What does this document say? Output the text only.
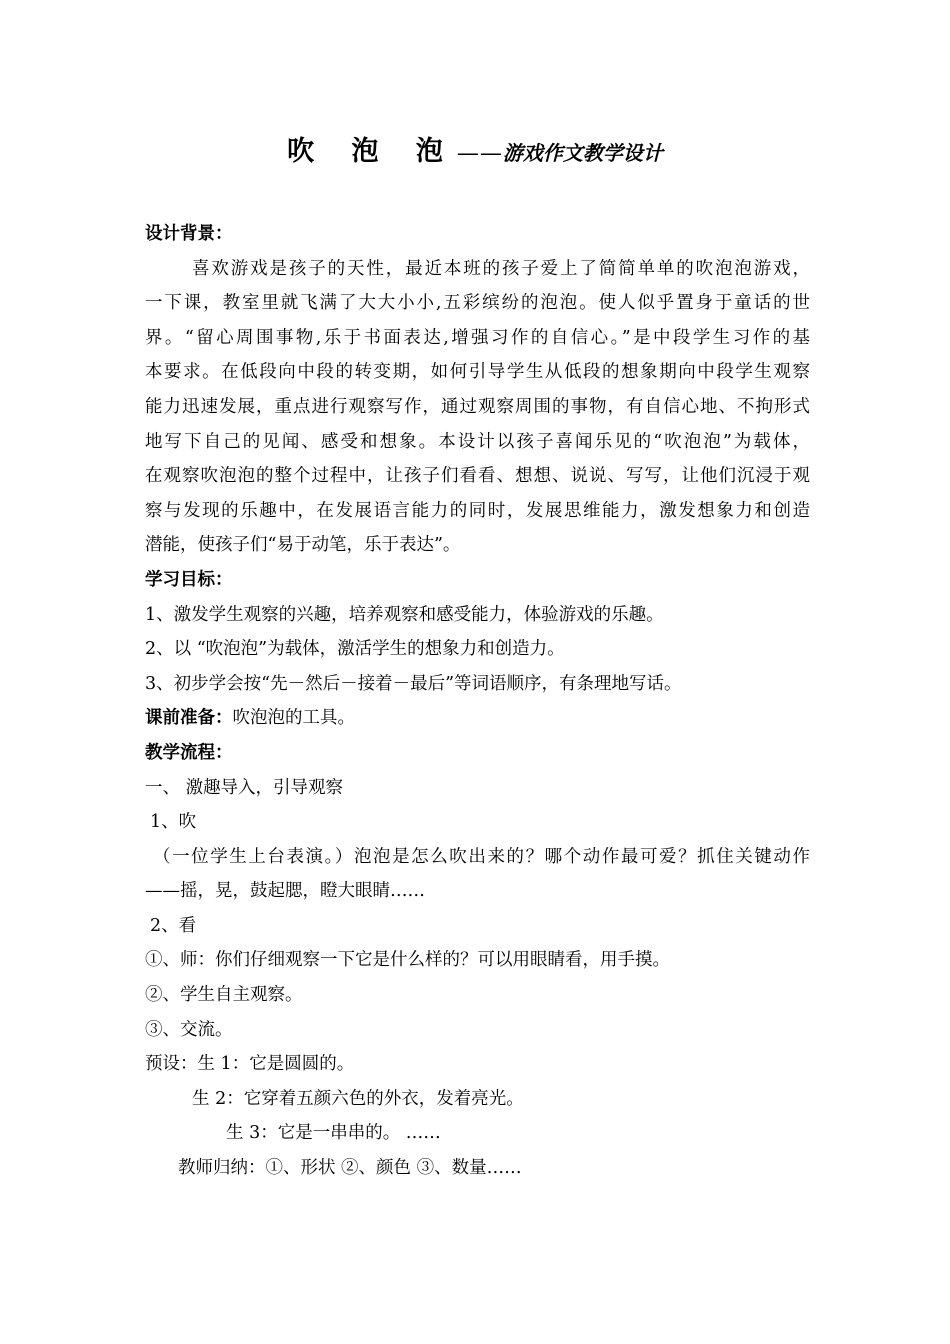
吹 泡 泡——游戏作文教学设计
设计背景：
喜欢游戏是孩子的天性，最近本班的孩子爱上了简简单单的吹泡泡游戏，
一下课，教室里就飞满了大大小小,五彩缤纷的泡泡。使人似乎置身于童话的世
界。“留心周围事物,乐于书面表达,增强习作的自信心。”是中段学生习作的基
本要求。在低段向中段的转变期，如何引导学生从低段的想象期向中段学生观察
能力迅速发展，重点进行观察写作，通过观察周围的事物，有自信心地、不拘形式
地写下自己的见闻、感受和想象。本设计以孩子喜闻乐见的“吹泡泡”为载体，
在观察吹泡泡的整个过程中，让孩子们看看、想想、说说、写写，让他们沉浸于观
察与发现的乐趣中，在发展语言能力的同时，发展思维能力，激发想象力和创造
潜能，使孩子们“易于动笔，乐于表达”。
学习目标：
1、激发学生观察的兴趣，培养观察和感受能力，体验游戏的乐趣。
2、以 “吹泡泡”为载体，激活学生的想象力和创造力。
3、初步学会按“先－然后－接着－最后”等词语顺序，有条理地写话。
课前准备：吹泡泡的工具。
教学流程：
一、 激趣导入，引导观察
1、吹
（一位学生上台表演。）泡泡是怎么吹出来的？哪个动作最可爱？抓住关键动作
——摇，晃，鼓起腮，瞪大眼睛……
2、看
①、师：你们仔细观察一下它是什么样的？可以用眼睛看，用手摸。
②、学生自主观察。
③、交流。
预设：生 1：它是圆圆的。
生 2：它穿着五颜六色的外衣，发着亮光。
生 3：它是一串串的。 ……
教师归纳：①、形状 ②、颜色 ③、数量……
